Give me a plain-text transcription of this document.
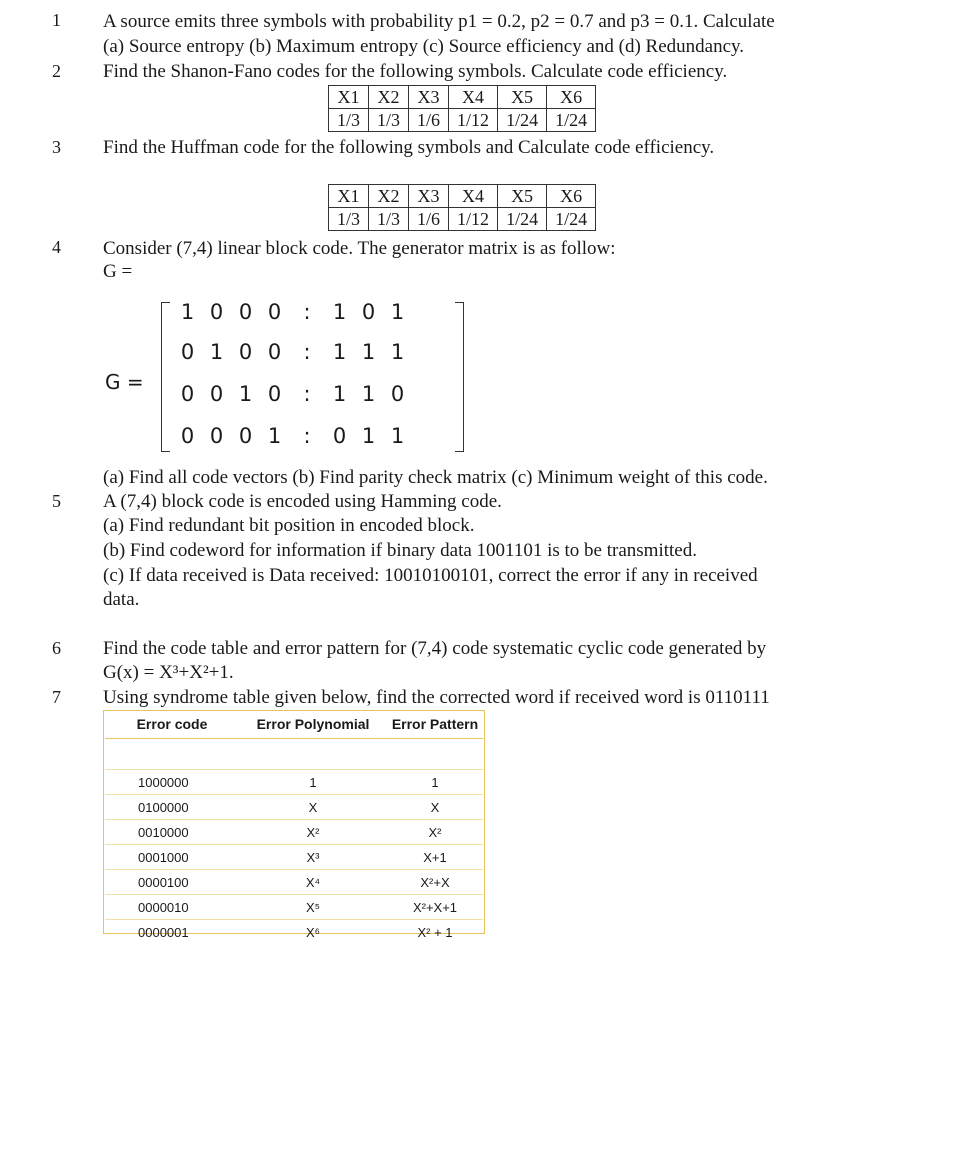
1
2
3
4
5
6
7
A source emits three symbols with probability p1 = 0.2, p2 = 0.7 and p3 = 0.1. Calculate
(a) Source entropy (b) Maximum entropy (c) Source efficiency and (d) Redundancy.
Find the Shanon-Fano codes for the following symbols. Calculate code efficiency.
X1	X2	X3	X4	X5	X6
1/3	1/3	1/6	1/12	1/24	1/24
Find the Huffman code for the following symbols and Calculate code efficiency.
X1	X2	X3	X4	X5	X6
1/3	1/3	1/6	1/12	1/24	1/24
Consider (7,4) linear block code. The generator matrix is as follow:
G =
G =
1 0 0 0 : 1 0 1
0 1 0 0 : 1 1 1
0 0 1 0 : 1 1 0
0 0 0 1 : 0 1 1
(a) Find all code vectors (b) Find parity check matrix (c) Minimum weight of this code.
A (7,4) block code is encoded using Hamming code.
(a) Find redundant bit position in encoded block.
(b) Find codeword for information if binary data 1001101 is to be transmitted.
(c) If data received is Data received: 10010100101, correct the error if any in received
data.
Find the code table and error pattern for (7,4) code systematic cyclic code generated by
G(x) = X³+X²+1.
Using syndrome table given below, find the corrected word if received word is 0110111
Error code	Error Polynomial	Error Pattern

1000000	1	1
0100000	X	X
0010000	X²	X²
0001000	X³	X+1
0000100	X⁴	X²+X
0000010	X⁵	X²+X+1
0000001	X⁶	X² + 1
